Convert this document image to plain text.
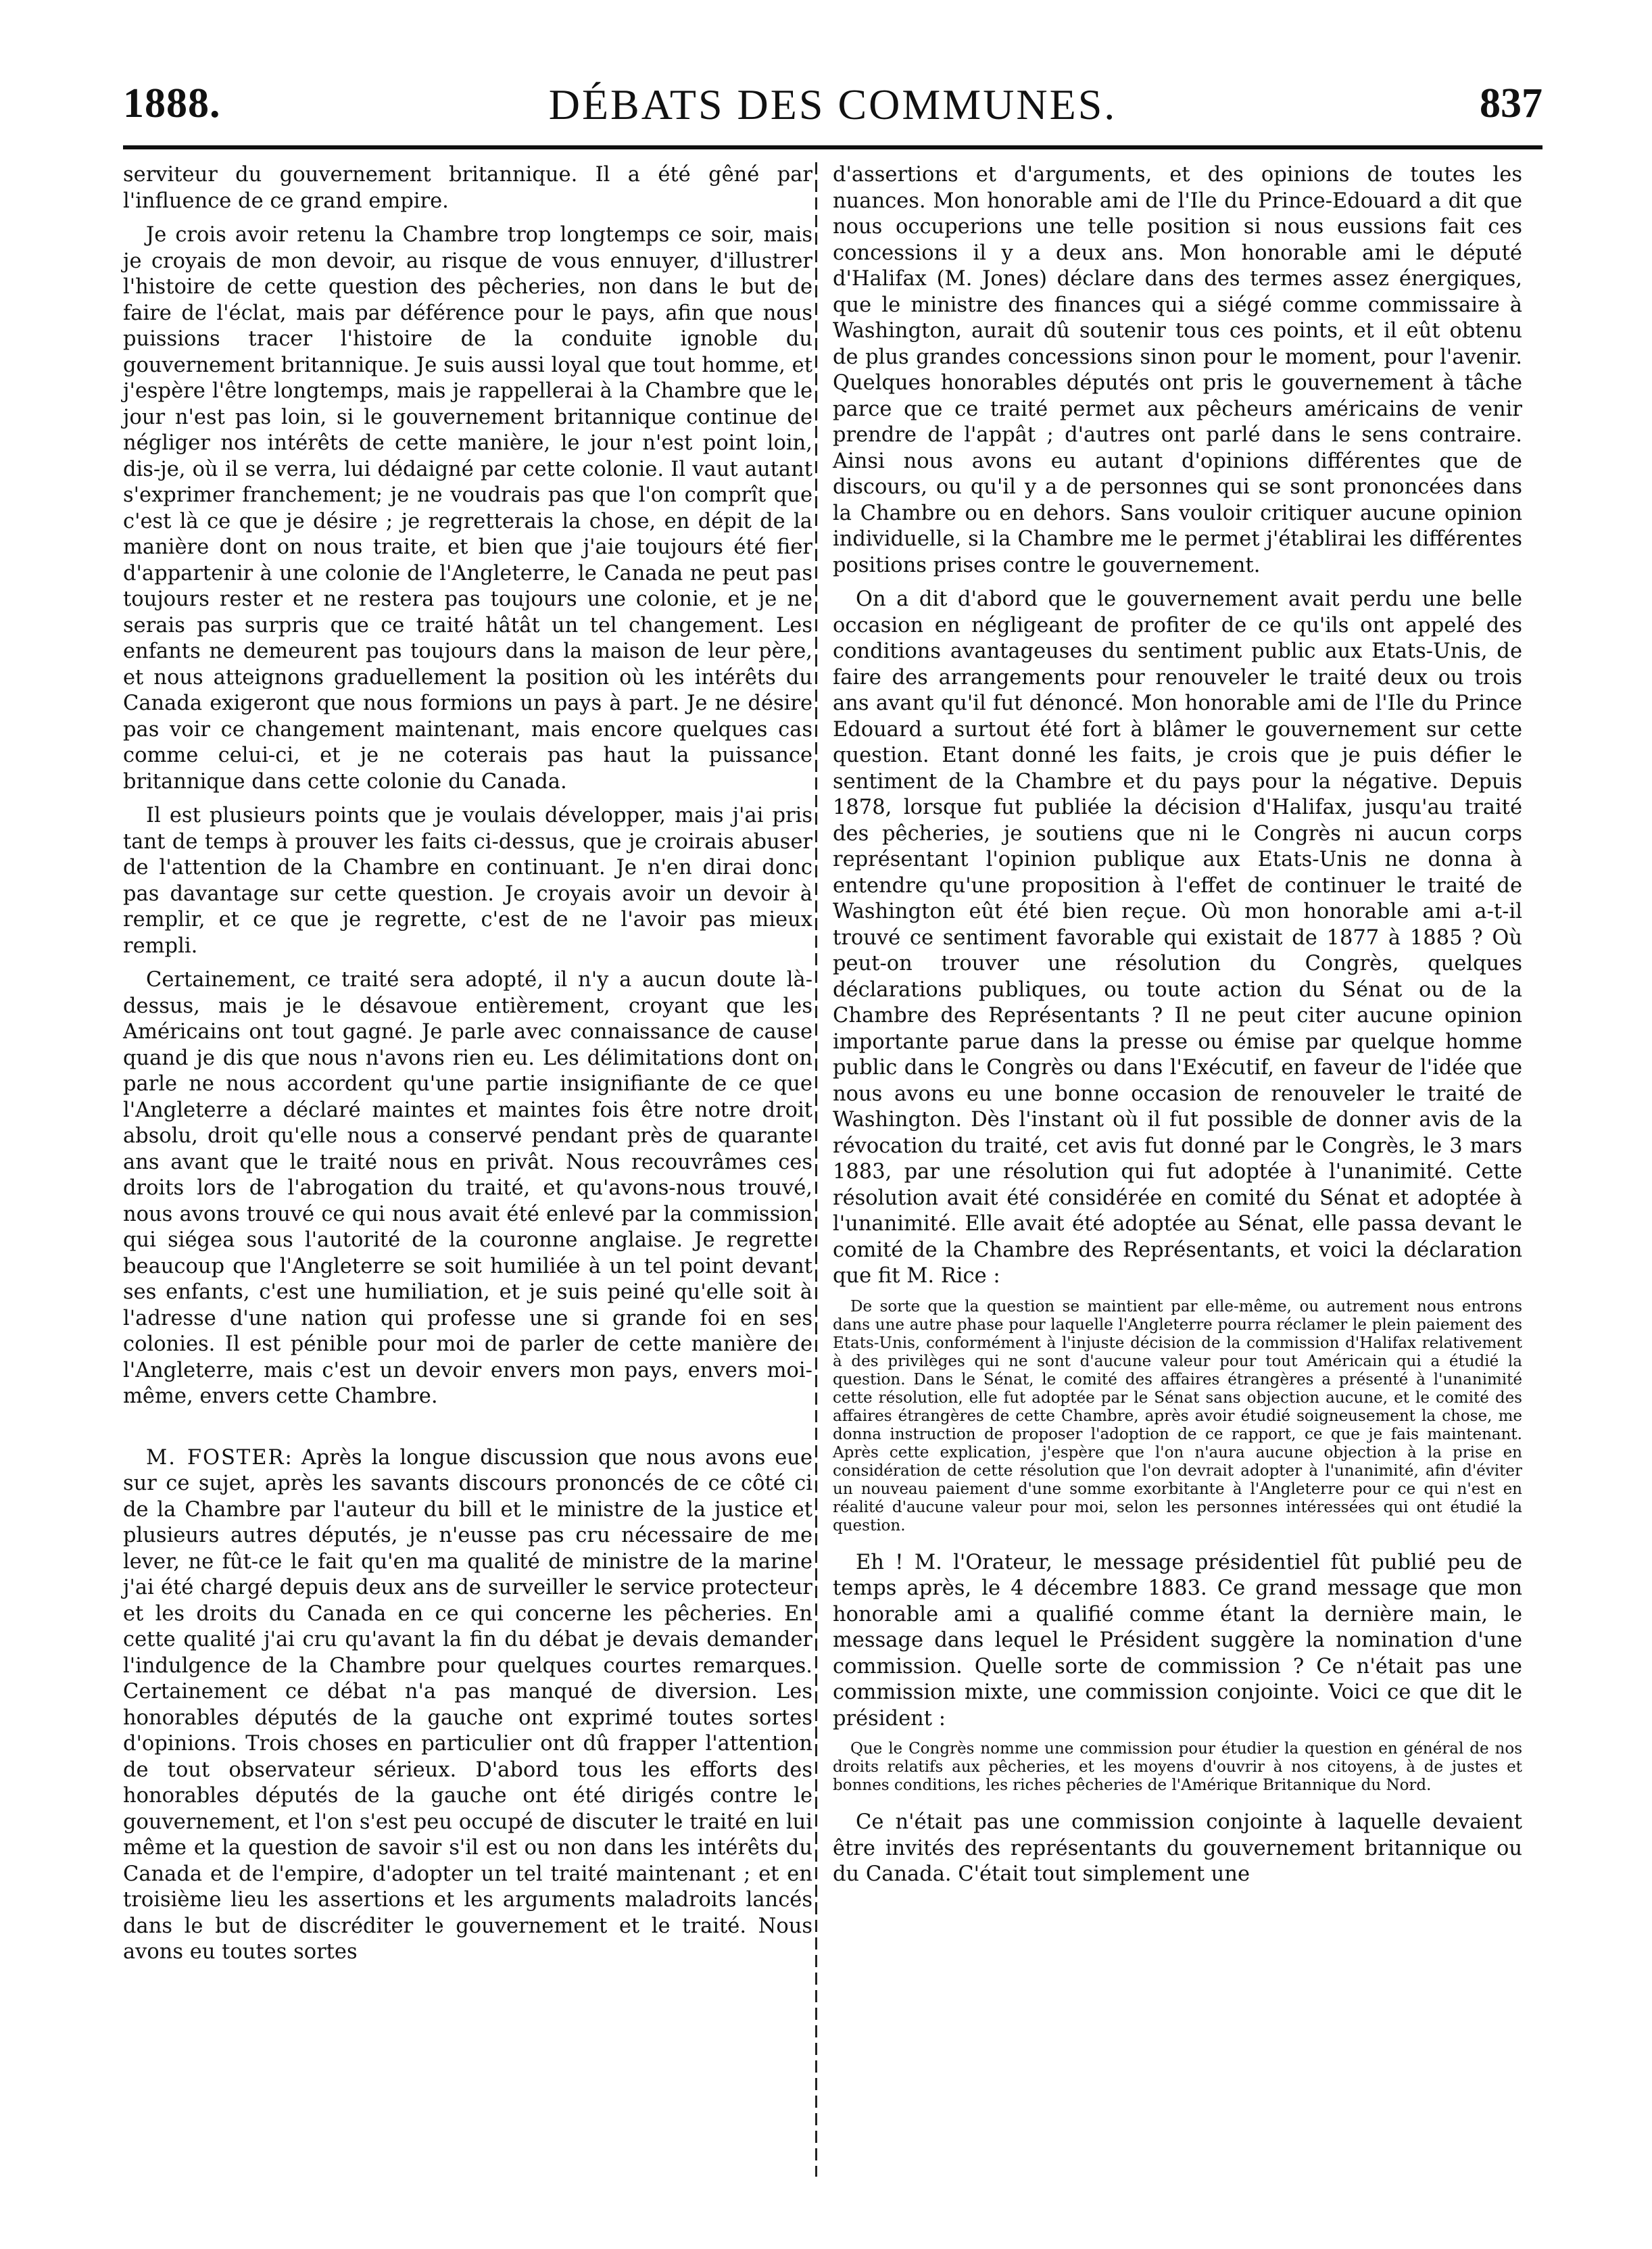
1888.	DÉBATS DES COMMUNES.	837

serviteur du gouvernement britannique. Il a été gêné par l'influence de ce grand empire.

Je crois avoir retenu la Chambre trop longtemps ce soir, mais je croyais de mon devoir, au risque de vous ennuyer, d'illustrer l'histoire de cette question des pêcheries, non dans le but de faire de l'éclat, mais par déférence pour le pays, afin que nous puissions tracer l'histoire de la conduite ignoble du gouvernement britannique. Je suis aussi loyal que tout homme, et j'espère l'être longtemps, mais je rappellerai à la Chambre que le jour n'est pas loin, si le gouvernement britannique continue de négliger nos intérêts de cette manière, le jour n'est point loin, dis-je, où il se verra, lui dédaigné par cette colonie. Il vaut autant s'exprimer franchement; je ne voudrais pas que l'on comprît que c'est là ce que je désire ; je regretterais la chose, en dépit de la manière dont on nous traite, et bien que j'aie toujours été fier d'appartenir à une colonie de l'Angleterre, le Canada ne peut pas toujours rester et ne restera pas toujours une colonie, et je ne serais pas surpris que ce traité hâtât un tel changement. Les enfants ne demeurent pas toujours dans la maison de leur père, et nous atteignons graduellement la position où les intérêts du Canada exigeront que nous formions un pays à part. Je ne désire pas voir ce changement maintenant, mais encore quelques cas comme celui-ci, et je ne coterais pas haut la puissance britannique dans cette colonie du Canada.

Il est plusieurs points que je voulais développer, mais j'ai pris tant de temps à prouver les faits ci-dessus, que je croirais abuser de l'attention de la Chambre en continuant. Je n'en dirai donc pas davantage sur cette question. Je croyais avoir un devoir à remplir, et ce que je regrette, c'est de ne l'avoir pas mieux rempli.

Certainement, ce traité sera adopté, il n'y a aucun doute là-dessus, mais je le désavoue entièrement, croyant que les Américains ont tout gagné. Je parle avec connaissance de cause quand je dis que nous n'avons rien eu. Les délimitations dont on parle ne nous accordent qu'une partie insignifiante de ce que l'Angleterre a déclaré maintes et maintes fois être notre droit absolu, droit qu'elle nous a conservé pendant près de quarante ans avant que le traité nous en privât. Nous recouvrâmes ces droits lors de l'abrogation du traité, et qu'avons-nous trouvé, nous avons trouvé ce qui nous avait été enlevé par la commission qui siégea sous l'autorité de la couronne anglaise. Je regrette beaucoup que l'Angleterre se soit humiliée à un tel point devant ses enfants, c'est une humiliation, et je suis peiné qu'elle soit à l'adresse d'une nation qui professe une si grande foi en ses colonies. Il est pénible pour moi de parler de cette manière de l'Angleterre, mais c'est un devoir envers mon pays, envers moi-même, envers cette Chambre.

M. FOSTER: Après la longue discussion que nous avons eue sur ce sujet, après les savants discours prononcés de ce côté ci de la Chambre par l'auteur du bill et le ministre de la justice et plusieurs autres députés, je n'eusse pas cru nécessaire de me lever, ne fût-ce le fait qu'en ma qualité de ministre de la marine j'ai été chargé depuis deux ans de surveiller le service protecteur et les droits du Canada en ce qui concerne les pêcheries. En cette qualité j'ai cru qu'avant la fin du débat je devais demander l'indulgence de la Chambre pour quelques courtes remarques. Certainement ce débat n'a pas manqué de diversion. Les honorables députés de la gauche ont exprimé toutes sortes d'opinions. Trois choses en particulier ont dû frapper l'attention de tout observateur sérieux. D'abord tous les efforts des honorables députés de la gauche ont été dirigés contre le gouvernement, et l'on s'est peu occupé de discuter le traité en lui même et la question de savoir s'il est ou non dans les intérêts du Canada et de l'empire, d'adopter un tel traité maintenant ; et en troisième lieu les assertions et les arguments maladroits lancés dans le but de discréditer le gouvernement et le traité. Nous avons eu toutes sortes

d'assertions et d'arguments, et des opinions de toutes les nuances. Mon honorable ami de l'Ile du Prince-Edouard a dit que nous occuperions une telle position si nous eussions fait ces concessions il y a deux ans. Mon honorable ami le député d'Halifax (M. Jones) déclare dans des termes assez énergiques, que le ministre des finances qui a siégé comme commissaire à Washington, aurait dû soutenir tous ces points, et il eût obtenu de plus grandes concessions sinon pour le moment, pour l'avenir. Quelques honorables députés ont pris le gouvernement à tâche parce que ce traité permet aux pêcheurs américains de venir prendre de l'appât ; d'autres ont parlé dans le sens contraire. Ainsi nous avons eu autant d'opinions différentes que de discours, ou qu'il y a de personnes qui se sont prononcées dans la Chambre ou en dehors. Sans vouloir critiquer aucune opinion individuelle, si la Chambre me le permet j'établirai les différentes positions prises contre le gouvernement.

On a dit d'abord que le gouvernement avait perdu une belle occasion en négligeant de profiter de ce qu'ils ont appelé des conditions avantageuses du sentiment public aux Etats-Unis, de faire des arrangements pour renouveler le traité deux ou trois ans avant qu'il fut dénoncé. Mon honorable ami de l'Ile du Prince Edouard a surtout été fort à blâmer le gouvernement sur cette question. Etant donné les faits, je crois que je puis défier le sentiment de la Chambre et du pays pour la négative. Depuis 1878, lorsque fut publiée la décision d'Halifax, jusqu'au traité des pêcheries, je soutiens que ni le Congrès ni aucun corps représentant l'opinion publique aux Etats-Unis ne donna à entendre qu'une proposition à l'effet de continuer le traité de Washington eût été bien reçue. Où mon honorable ami a-t-il trouvé ce sentiment favorable qui existait de 1877 à 1885 ? Où peut-on trouver une résolution du Congrès, quelques déclarations publiques, ou toute action du Sénat ou de la Chambre des Représentants ? Il ne peut citer aucune opinion importante parue dans la presse ou émise par quelque homme public dans le Congrès ou dans l'Exécutif, en faveur de l'idée que nous avons eu une bonne occasion de renouveler le traité de Washington. Dès l'instant où il fut possible de donner avis de la révocation du traité, cet avis fut donné par le Congrès, le 3 mars 1883, par une résolution qui fut adoptée à l'unanimité. Cette résolution avait été considérée en comité du Sénat et adoptée à l'unanimité. Elle avait été adoptée au Sénat, elle passa devant le comité de la Chambre des Représentants, et voici la déclaration que fit M. Rice :

De sorte que la question se maintient par elle-même, ou autrement nous entrons dans une autre phase pour laquelle l'Angleterre pourra réclamer le plein paiement des Etats-Unis, conformément à l'injuste décision de la commission d'Halifax relativement à des privilèges qui ne sont d'aucune valeur pour tout Américain qui a étudié la question. Dans le Sénat, le comité des affaires étrangères a présenté à l'unanimité cette résolution, elle fut adoptée par le Sénat sans objection aucune, et le comité des affaires étrangères de cette Chambre, après avoir étudié soigneusement la chose, me donna instruction de proposer l'adoption de ce rapport, ce que je fais maintenant. Après cette explication, j'espère que l'on n'aura aucune objection à la prise en considération de cette résolution que l'on devrait adopter à l'unanimité, afin d'éviter un nouveau paiement d'une somme exorbitante à l'Angleterre pour ce qui n'est en réalité d'aucune valeur pour moi, selon les personnes intéressées qui ont étudié la question.

Eh ! M. l'Orateur, le message présidentiel fût publié peu de temps après, le 4 décembre 1883. Ce grand message que mon honorable ami a qualifié comme étant la dernière main, le message dans lequel le Président suggère la nomination d'une commission. Quelle sorte de commission ? Ce n'était pas une commission mixte, une commission conjointe. Voici ce que dit le président :

Que le Congrès nomme une commission pour étudier la question en général de nos droits relatifs aux pêcheries, et les moyens d'ouvrir à nos citoyens, à de justes et bonnes conditions, les riches pêcheries de l'Amérique Britannique du Nord.

Ce n'était pas une commission conjointe à laquelle devaient être invités des représentants du gouvernement britannique ou du Canada. C'était tout simplement une
